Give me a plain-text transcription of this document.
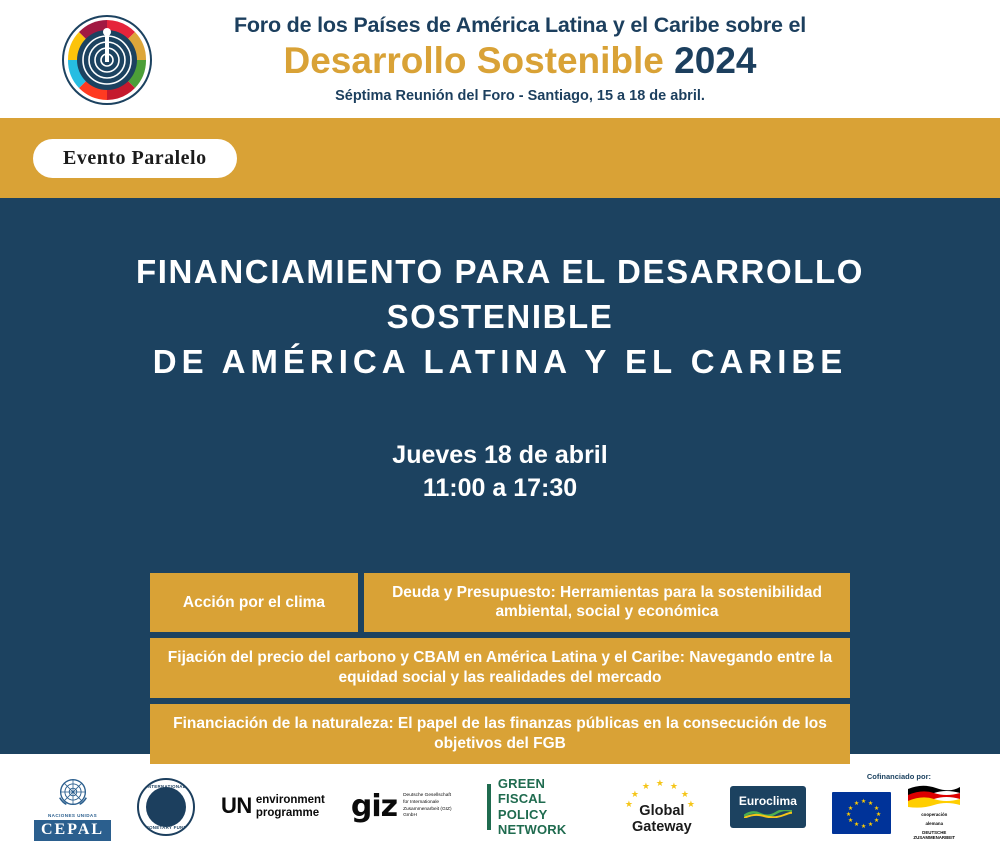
Foro de los Países de América Latina y el Caribe sobre el
Desarrollo Sostenible 2024
Séptima Reunión del Foro - Santiago, 15 a 18 de abril.
Evento Paralelo
FINANCIAMIENTO PARA EL DESARROLLO SOSTENIBLE
DE AMÉRICA LATINA Y EL CARIBE
Jueves 18 de abril
11:00 a 17:30
Acción por el clima
Deuda y Presupuesto: Herramientas para la sostenibilidad ambiental, social y económica
Fijación del precio del carbono y CBAM en América Latina y el Caribe: Navegando entre la equidad social y las realidades del mercado
Financiación de la naturaleza: El papel de las finanzas públicas en la consecución de los objetivos del FGB
NACIONES UNIDAS
CEPAL
INTERNATIONAL
MONETARY FUND
UN environment
programme giz Deutsche Gesellschaft
für Internationale
Zusammenarbeit (GIZ) GmbH
GREEN
FISCAL POLICY
NETWORK
★
★ ★
★	★
★	★
Global
Gateway
Euroclima
Cofinanciado por:
★
★ ★
★	★
★	★
★	★
★ ★
★
cooperación
alemana
DEUTSCHE ZUSAMMENARBEIT
